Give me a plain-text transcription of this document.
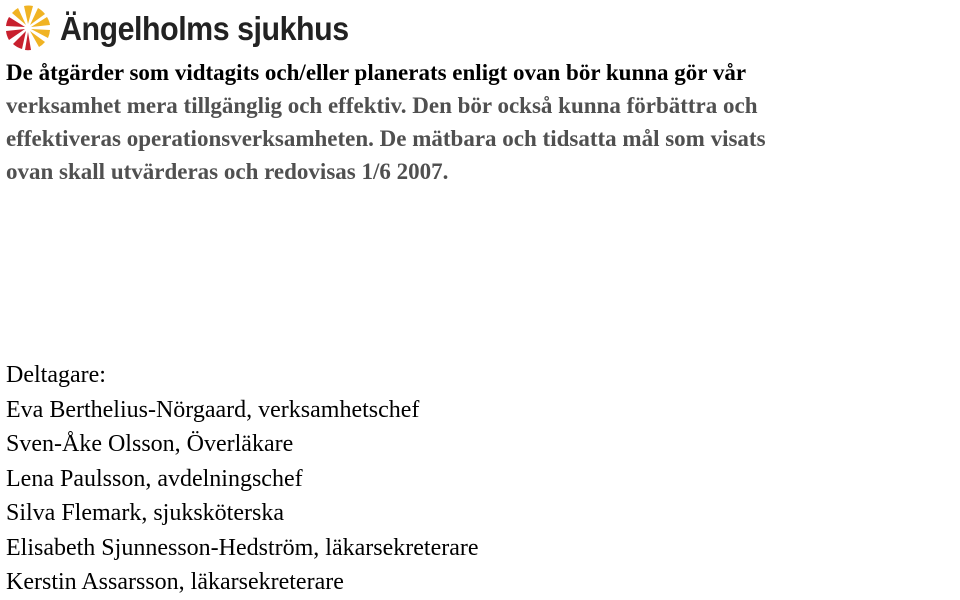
Ängelholms sjukhus

De åtgärder som vidtagits och/eller planerats enligt ovan bör kunna gör vår
verksamhet mera tillgänglig och effektiv. Den bör också kunna förbättra och
effektiveras operationsverksamheten. De mätbara och tidsatta mål som visats
ovan skall utvärderas och redovisas 1/6 2007.

Deltagare:
Eva Berthelius-Nörgaard, verksamhetschef
Sven-Åke Olsson, Överläkare
Lena Paulsson, avdelningschef
Silva Flemark, sjuksköterska
Elisabeth Sjunnesson-Hedström, läkarsekreterare
Kerstin Assarsson, läkarsekreterare
